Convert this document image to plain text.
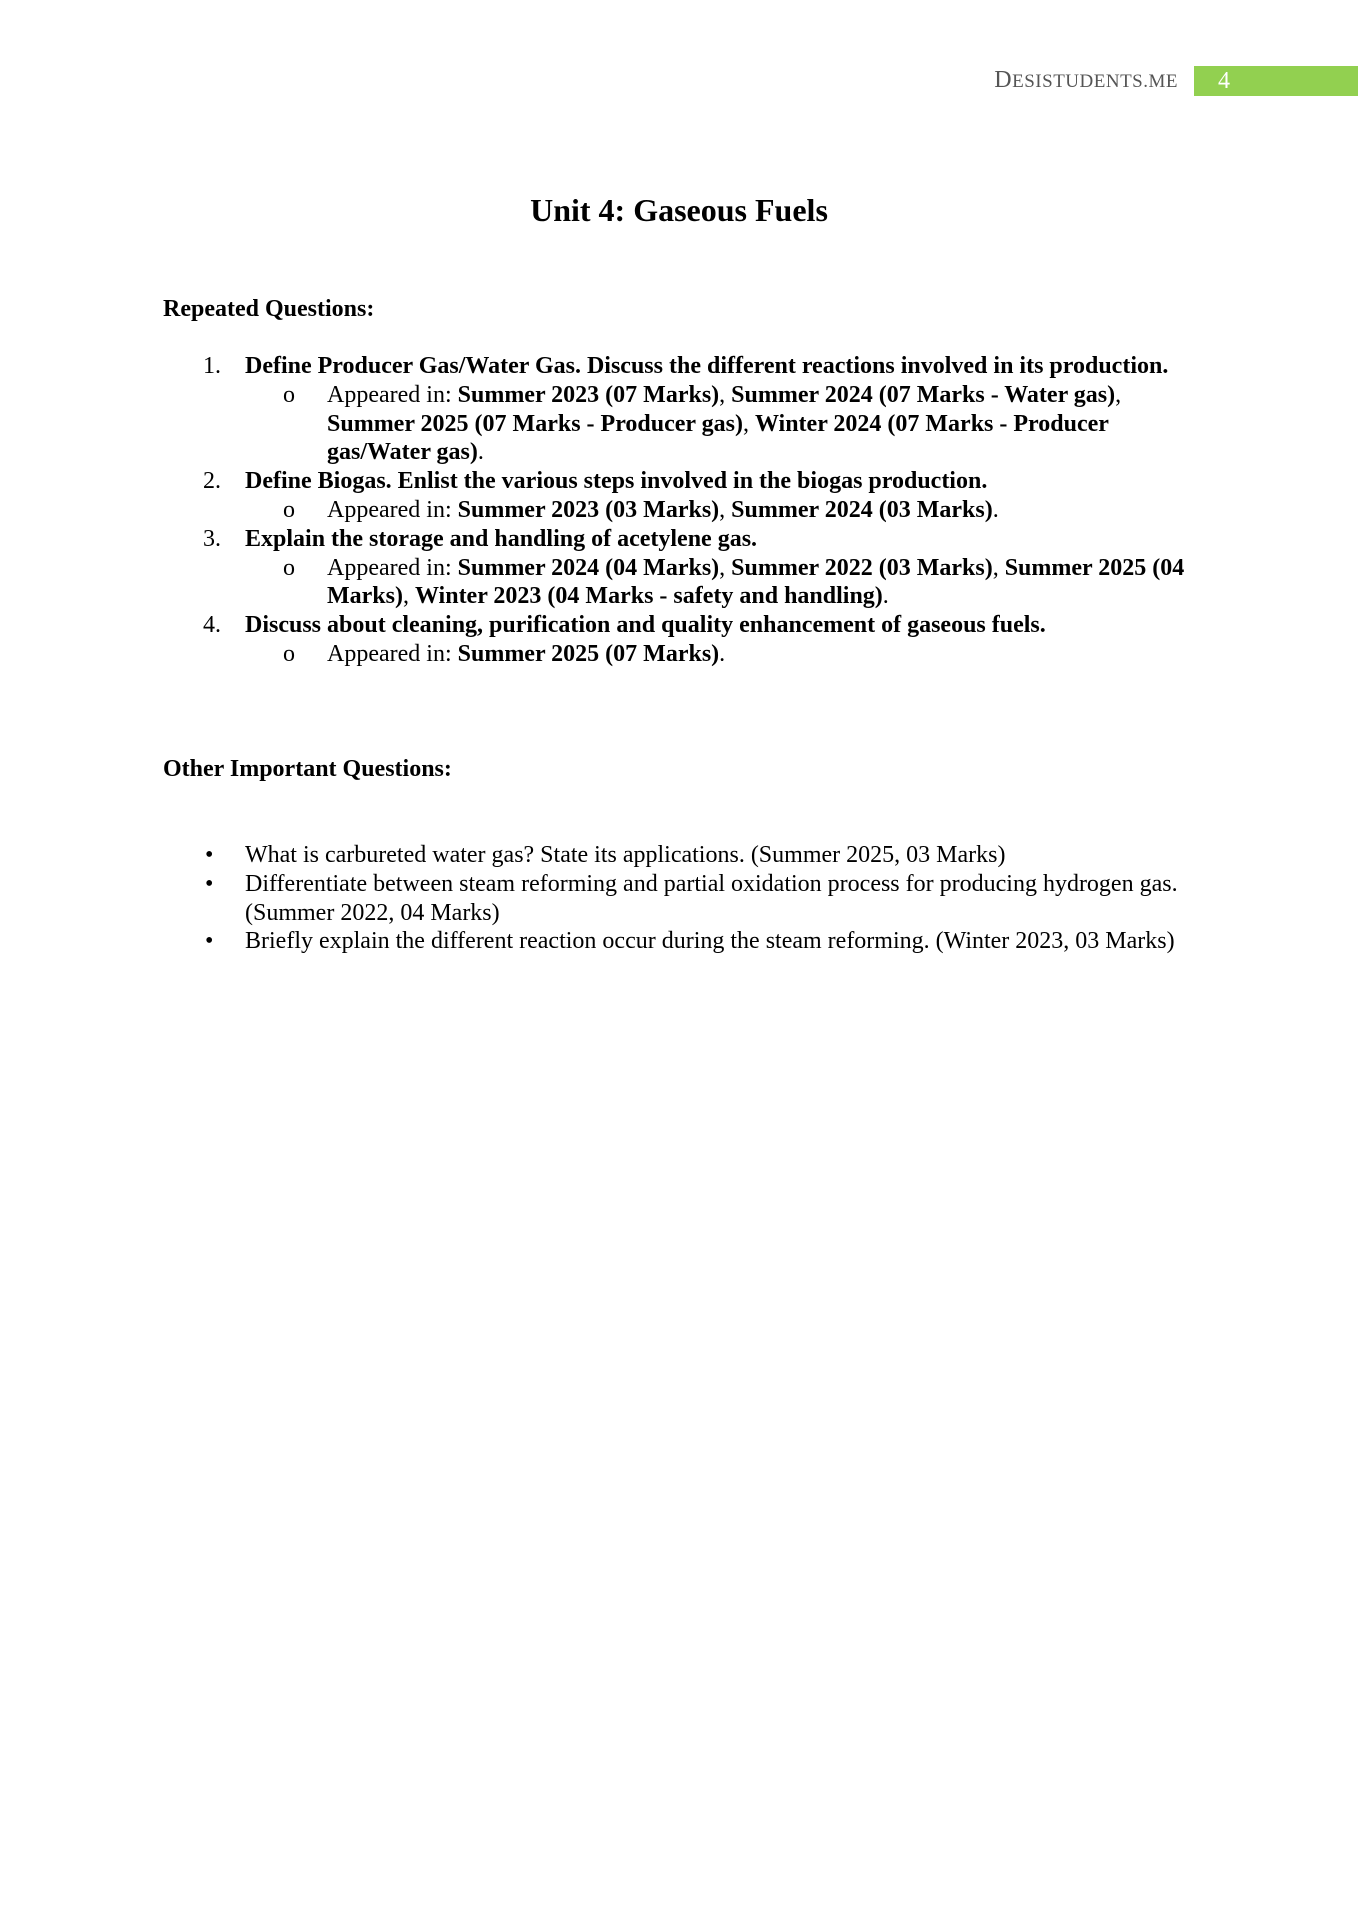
DESISTUDENTS.ME	4
Unit 4: Gaseous Fuels
Repeated Questions:
1. Define Producer Gas/Water Gas. Discuss the different reactions involved in its production.
o Appeared in: Summer 2023 (07 Marks), Summer 2024 (07 Marks - Water gas), Summer 2025 (07 Marks - Producer gas), Winter 2024 (07 Marks - Producer gas/Water gas).
2. Define Biogas. Enlist the various steps involved in the biogas production.
o Appeared in: Summer 2023 (03 Marks), Summer 2024 (03 Marks).
3. Explain the storage and handling of acetylene gas.
o Appeared in: Summer 2024 (04 Marks), Summer 2022 (03 Marks), Summer 2025 (04 Marks), Winter 2023 (04 Marks - safety and handling).
4. Discuss about cleaning, purification and quality enhancement of gaseous fuels.
o Appeared in: Summer 2025 (07 Marks).
Other Important Questions:
• What is carbureted water gas? State its applications. (Summer 2025, 03 Marks)
• Differentiate between steam reforming and partial oxidation process for producing hydrogen gas. (Summer 2022, 04 Marks)
• Briefly explain the different reaction occur during the steam reforming. (Winter 2023, 03 Marks)
